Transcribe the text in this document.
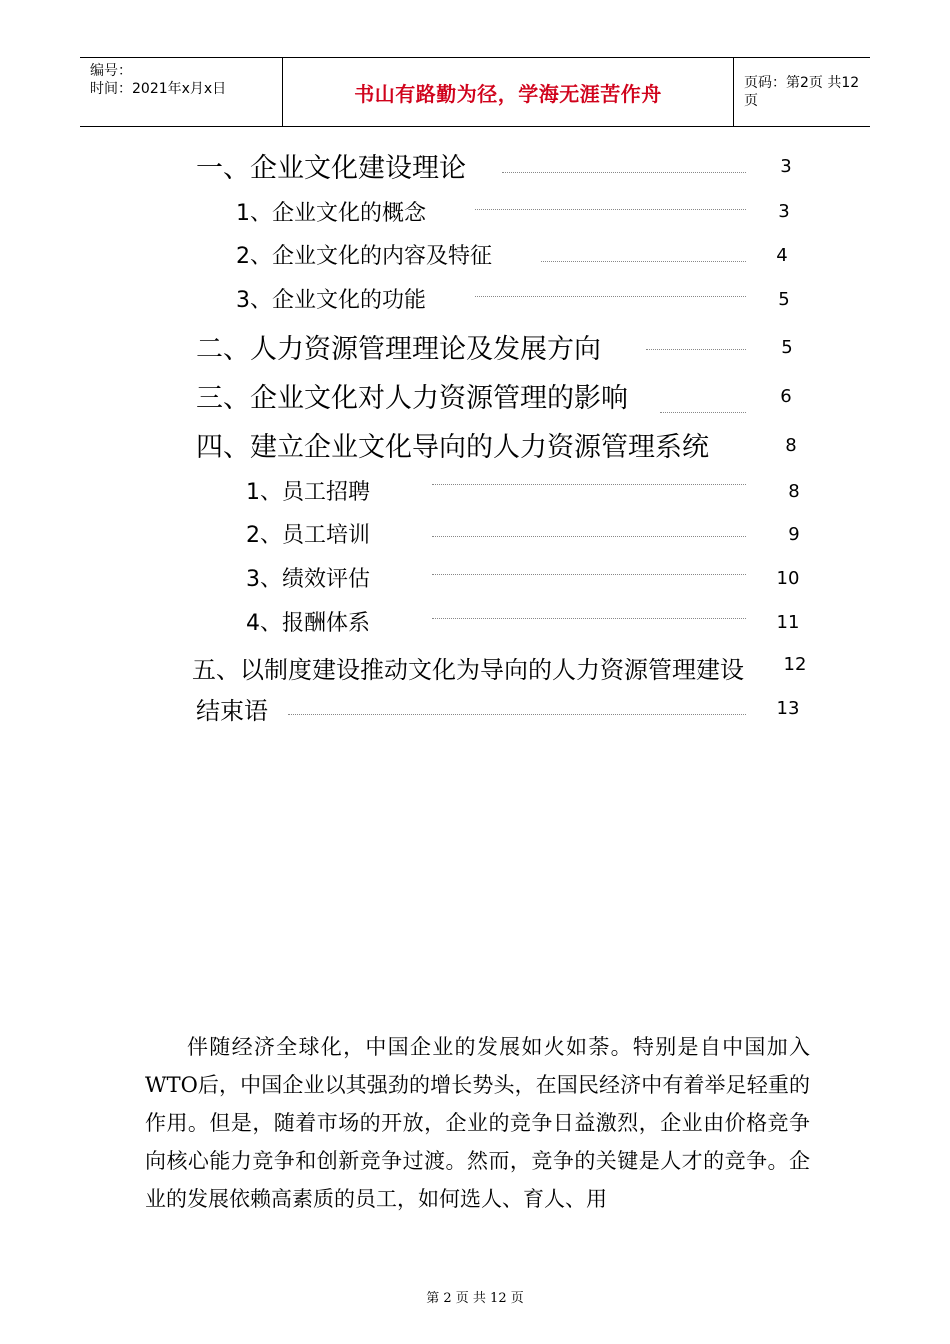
编号：
时间：2021年x月x日	书山有路勤为径，学海无涯苦作舟	页码：第2页 共12页
一、企业文化建设理论	3
1、企业文化的概念	3
2、企业文化的内容及特征	4
3、企业文化的功能	5
二、人力资源管理理论及发展方向	5
三、企业文化对人力资源管理的影响	6
四、建立企业文化导向的人力资源管理系统	8
1、员工招聘	8
2、员工培训	9
3、绩效评估	10
4、报酬体系	11
五、以制度建设推动文化为导向的人力资源管理建设	12
结束语	13
伴随经济全球化，中国企业的发展如火如荼。特别是自中国加入WTO后，中国企业以其强劲的增长势头，在国民经济中有着举足轻重的作用。但是，随着市场的开放，企业的竞争日益激烈，企业由价格竞争向核心能力竞争和创新竞争过渡。然而，竞争的关键是人才的竞争。企业的发展依赖高素质的员工，如何选人、育人、用
第 2 页 共 12 页
